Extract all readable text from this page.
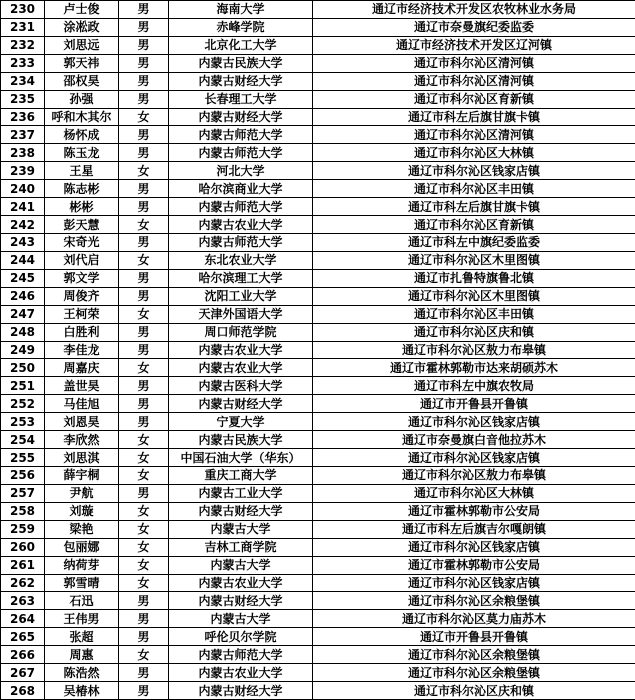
230	卢士俊	男	海南大学	通辽市经济技术开发区农牧林业水务局
231	涂凇政	男	赤峰学院	通辽市奈曼旗纪委监委
232	刘思远	男	北京化工大学	通辽市经济技术开发区辽河镇
233	郭天祎	男	内蒙古民族大学	通辽市科尔沁区清河镇
234	邵权昊	男	内蒙古财经大学	通辽市科尔沁区清河镇
235	孙强	男	长春理工大学	通辽市科尔沁区育新镇
236	呼和木其尔	女	内蒙古财经大学	通辽市科左后旗甘旗卡镇
237	杨怀成	男	内蒙古师范大学	通辽市科尔沁区清河镇
238	陈玉龙	男	内蒙古师范大学	通辽市科尔沁区大林镇
239	王星	女	河北大学	通辽市科尔沁区钱家店镇
240	陈志彬	男	哈尔滨商业大学	通辽市科尔沁区丰田镇
241	彬彬	男	内蒙古师范大学	通辽市科左后旗甘旗卡镇
242	彭天慧	女	内蒙古农业大学	通辽市科尔沁区育新镇
243	宋奇光	男	内蒙古师范大学	通辽市科左中旗纪委监委
244	刘代启	女	东北农业大学	通辽市科尔沁区木里图镇
245	郭文学	男	哈尔滨理工大学	通辽市扎鲁特旗鲁北镇
246	周俊齐	男	沈阳工业大学	通辽市科尔沁区木里图镇
247	王柯荣	女	天津外国语大学	通辽市科尔沁区丰田镇
248	白胜利	男	周口师范学院	通辽市科尔沁区庆和镇
249	李佳龙	男	内蒙古农业大学	通辽市科尔沁区敖力布皋镇
250	周嘉庆	女	内蒙古农业大学	通辽市霍林郭勒市达来胡硕苏木
251	盖世昊	男	内蒙古医科大学	通辽市科左中旗农牧局
252	马佳旭	男	内蒙古财经大学	通辽市开鲁县开鲁镇
253	刘恩昊	男	宁夏大学	通辽市科尔沁区钱家店镇
254	李欣然	女	内蒙古民族大学	通辽市奈曼旗白音他拉苏木
255	刘思淇	女	中国石油大学（华东）	通辽市科尔沁区钱家店镇
256	薛宇桐	女	重庆工商大学	通辽市科尔沁区敖力布皋镇
257	尹航	男	内蒙古工业大学	通辽市科尔沁区大林镇
258	刘璇	女	内蒙古财经大学	通辽市霍林郭勒市公安局
259	梁艳	女	内蒙古大学	通辽市科左后旗吉尔嘎朗镇
260	包丽娜	女	吉林工商学院	通辽市科尔沁区钱家店镇
261	纳荷芽	女	内蒙古大学	通辽市霍林郭勒市公安局
262	郭雪晴	女	内蒙古农业大学	通辽市科尔沁区钱家店镇
263	石迅	男	内蒙古财经大学	通辽市科尔沁区余粮堡镇
264	王伟男	男	内蒙古大学	通辽市科尔沁区莫力庙苏木
265	张超	男	呼伦贝尔学院	通辽市开鲁县开鲁镇
266	周惠	女	内蒙古师范大学	通辽市科尔沁区余粮堡镇
267	陈浩然	男	内蒙古农业大学	通辽市科尔沁区余粮堡镇
268	吴椿林	男	内蒙古财经大学	通辽市科尔沁区庆和镇
